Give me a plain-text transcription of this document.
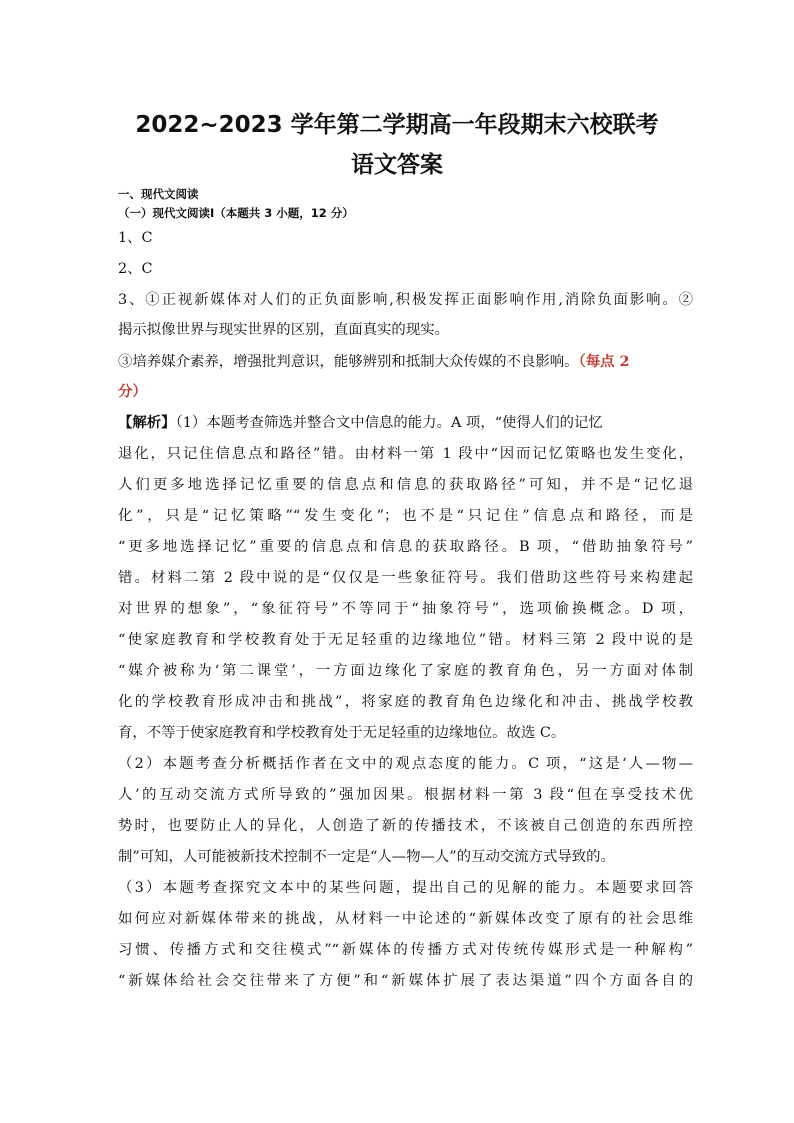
2022~2023 学年第二学期高一年段期末六校联考
语文答案
一、现代文阅读
（一）现代文阅读Ⅰ（本题共 3 小题，12 分）
1、C
2、C
3、①正视新媒体对人们的正负面影响,积极发挥正面影响作用,消除负面影响。②
揭示拟像世界与现实世界的区别，直面真实的现实。
③培养媒介素养，增强批判意识，能够辨别和抵制大众传媒的不良影响。（每点 2
分）
【解析】（1）本题考查筛选并整合文中信息的能力。A 项，“使得人们的记忆
退化，只记住信息点和路径”错。由材料一第 1 段中“因而记忆策略也发生变化，
人们更多地选择记忆重要的信息点和信息的获取路径”可知，并不是“记忆退
化”，只是“记忆策略”“发生变化”；也不是“只记住”信息点和路径，而是
“更多地选择记忆”重要的信息点和信息的获取路径。B 项，“借助抽象符号”
错。材料二第 2 段中说的是“仅仅是一些象征符号。我们借助这些符号来构建起
对世界的想象”，“象征符号”不等同于“抽象符号”，选项偷换概念。D 项，
“使家庭教育和学校教育处于无足轻重的边缘地位”错。材料三第 2 段中说的是
“媒介被称为‘第二课堂’，一方面边缘化了家庭的教育角色，另一方面对体制
化的学校教育形成冲击和挑战”，将家庭的教育角色边缘化和冲击、挑战学校教
育，不等于使家庭教育和学校教育处于无足轻重的边缘地位。故选 C。
（2）本题考查分析概括作者在文中的观点态度的能力。C 项，“这是‘人—物—
人’的互动交流方式所导致的”强加因果。根据材料一第 3 段“但在享受技术优
势时，也要防止人的异化，人创造了新的传播技术，不该被自己创造的东西所控
制”可知，人可能被新技术控制不一定是“人—物—人”的互动交流方式导致的。
（3）本题考查探究文本中的某些问题，提出自己的见解的能力。本题要求回答
如何应对新媒体带来的挑战，从材料一中论述的“新媒体改变了原有的社会思维
习惯、传播方式和交往模式”“新媒体的传播方式对传统传媒形式是一种解构”
“新媒体给社会交往带来了方便”和“新媒体扩展了表达渠道”四个方面各自的
